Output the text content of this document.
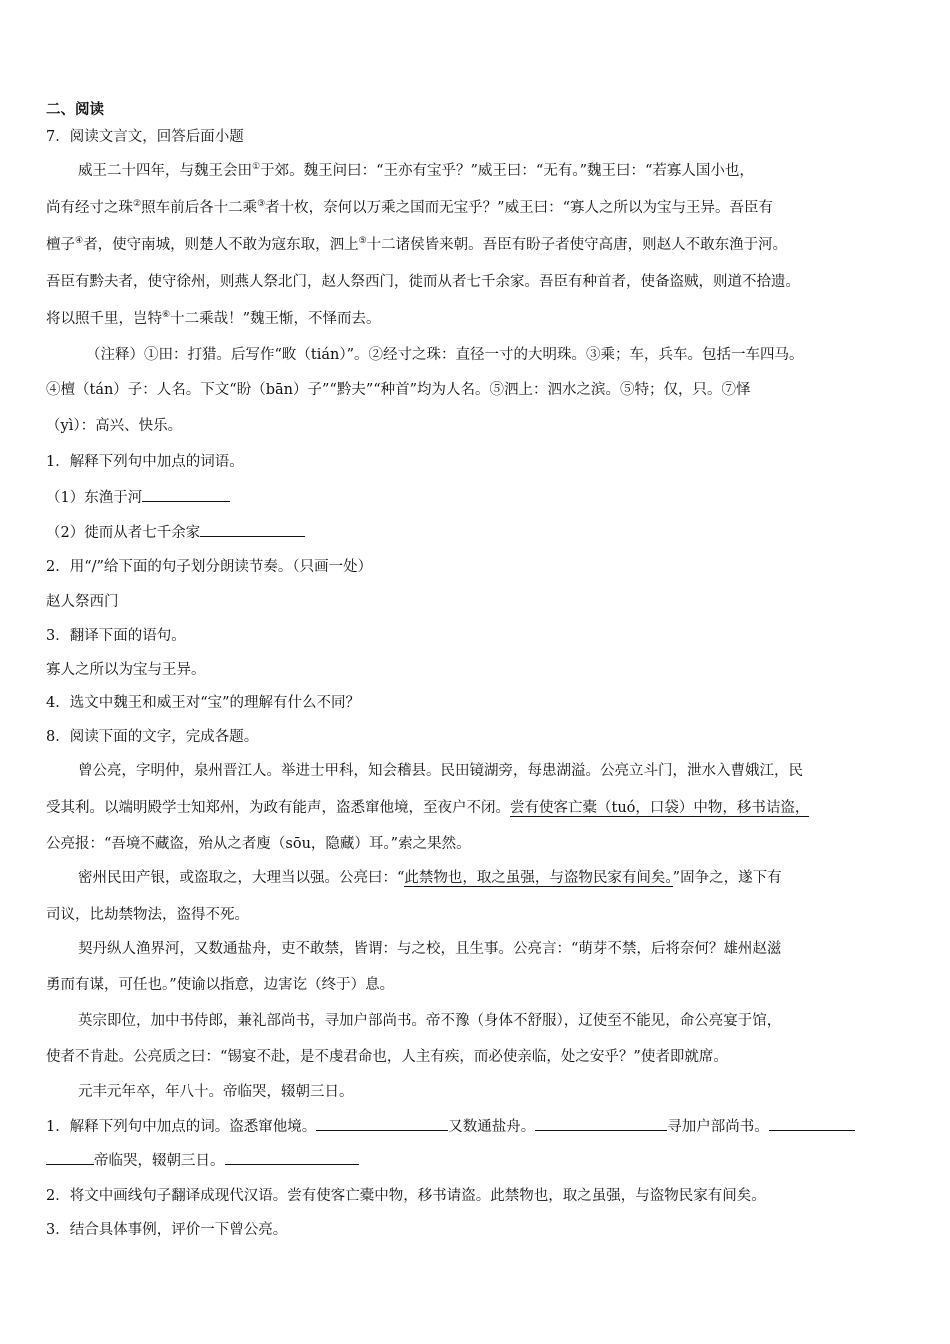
二、阅读
7．阅读文言文，回答后面小题
威王二十四年，与魏王会田①于郊。魏王问曰：“王亦有宝乎？”威王曰：“无有。”魏王曰：“若寡人国小也，
尚有经寸之珠②照车前后各十二乘③者十枚，奈何以万乘之国而无宝乎？”威王曰：“寡人之所以为宝与王异。吾臣有
檀子④者，使守南城，则楚人不敢为寇东取，泗上⑤十二诸侯皆来朝。吾臣有盼子者使守高唐，则赵人不敢东渔于河。
吾臣有黔夫者，使守徐州，则燕人祭北门，赵人祭西门，徙而从者七千余家。吾臣有种首者，使备盗贼，则道不拾遗。
将以照千里，岂特⑥十二乘哉！”魏王惭，不怿而去。
（注释）①田：打猎。后写作“畋（tián）”。②经寸之珠：直径一寸的大明珠。③乘；车，兵车。包括一车四马。
④檀（tán）子：人名。下文“盼（bān）子”“黔夫”“种首”均为人名。⑤泗上：泗水之滨。⑤特；仅，只。⑦怿
（yì）：高兴、快乐。
1．解释下列句中加点的词语。
（1）东渔于河
（2）徙而从者七千余家
2．用“/”给下面的句子划分朗读节奏。（只画一处）
赵人祭西门
3．翻译下面的语句。
寡人之所以为宝与王异。
4．选文中魏王和威王对“宝”的理解有什么不同？
8．阅读下面的文字，完成各题。
曾公亮，字明仲，泉州晋江人。举进士甲科，知会稽县。民田镜湖旁，每患湖溢。公亮立斗门，泄水入曹娥江，民
受其利。以端明殿学士知郑州，为政有能声，盗悉窜他境，至夜户不闭。尝有使客亡橐（tuó，口袋）中物，移书诘盗，
公亮报：“吾境不藏盗，殆从之者廋（sōu，隐藏）耳。”索之果然。
密州民田产银，或盗取之，大理当以强。公亮曰：“此禁物也，取之虽强，与盗物民家有间矣。”固争之，遂下有
司议，比劫禁物法，盗得不死。
契丹纵人渔界河，又数通盐舟，吏不敢禁，皆谓：与之校，且生事。公亮言：“萌芽不禁，后将奈何？雄州赵滋
勇而有谋，可任也。”使谕以指意，边害讫（终于）息。
英宗即位，加中书侍郎，兼礼部尚书，寻加户部尚书。帝不豫（身体不舒服），辽使至不能见，命公亮宴于馆，
使者不肯赴。公亮质之曰：“锡宴不赴，是不虔君命也，人主有疾，而必使亲临，处之安乎？”使者即就席。
元丰元年卒，年八十。帝临哭，辍朝三日。
1．解释下列句中加点的词。盗悉窜他境。	又数通盐舟。	寻加户部尚书。
帝临哭，辍朝三日。
2．将文中画线句子翻译成现代汉语。尝有使客亡橐中物，移书请盗。此禁物也，取之虽强，与盗物民家有间矣。
3．结合具体事例，评价一下曾公亮。
